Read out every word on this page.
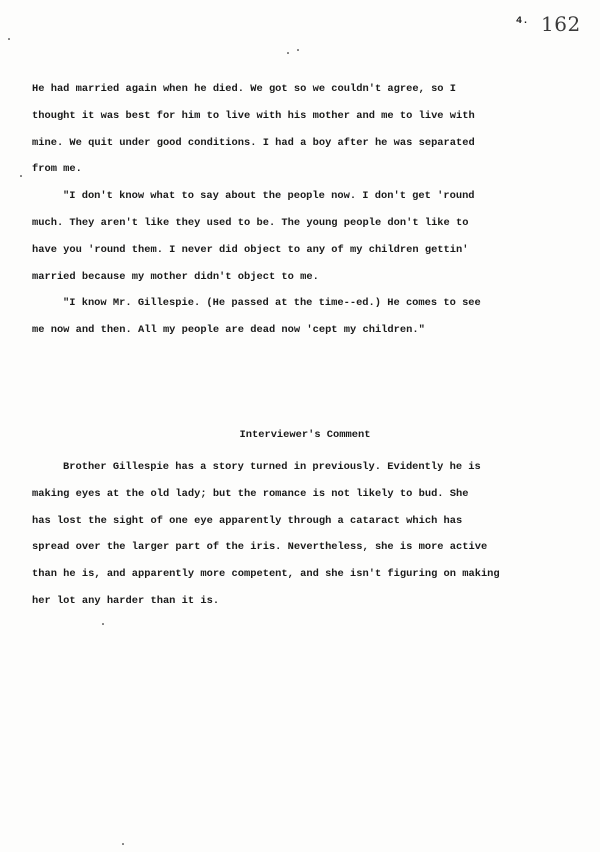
4. 162

He had married again when he died. We got so we couldn't agree, so I

thought it was best for him to live with his mother and me to live with

mine. We quit under good conditions. I had a boy after he was separated

from me.

"I don't know what to say about the people now. I don't get 'round

much. They aren't like they used to be. The young people don't like to

have you 'round them. I never did object to any of my children gettin'

married because my mother didn't object to me.

"I know Mr. Gillespie. (He passed at the time--ed.) He comes to see

me now and then. All my people are dead now 'cept my children."

Interviewer's Comment

Brother Gillespie has a story turned in previously. Evidently he is

making eyes at the old lady; but the romance is not likely to bud. She

has lost the sight of one eye apparently through a cataract which has

spread over the larger part of the iris. Nevertheless, she is more active

than he is, and apparently more competent, and she isn't figuring on making

her lot any harder than it is.
